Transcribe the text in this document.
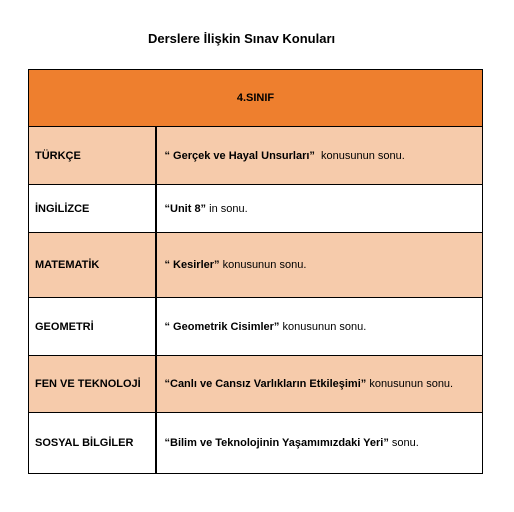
Derslere İlişkin Sınav Konuları
4.SINIF	
TÜRKÇE	“ Gerçek ve Hayal Unsurları”  konusunun sonu.
İNGİLİZCE	“Unit 8” in sonu.
MATEMATİK	“ Kesirler” konusunun sonu.
GEOMETRİ	“ Geometrik Cisimler” konusunun sonu.
FEN VE TEKNOLOJİ	“Canlı ve Cansız Varlıkların Etkileşimi” konusunun sonu.
SOSYAL BİLGİLER	“Bilim ve Teknolojinin Yaşamımızdaki Yeri” sonu.
